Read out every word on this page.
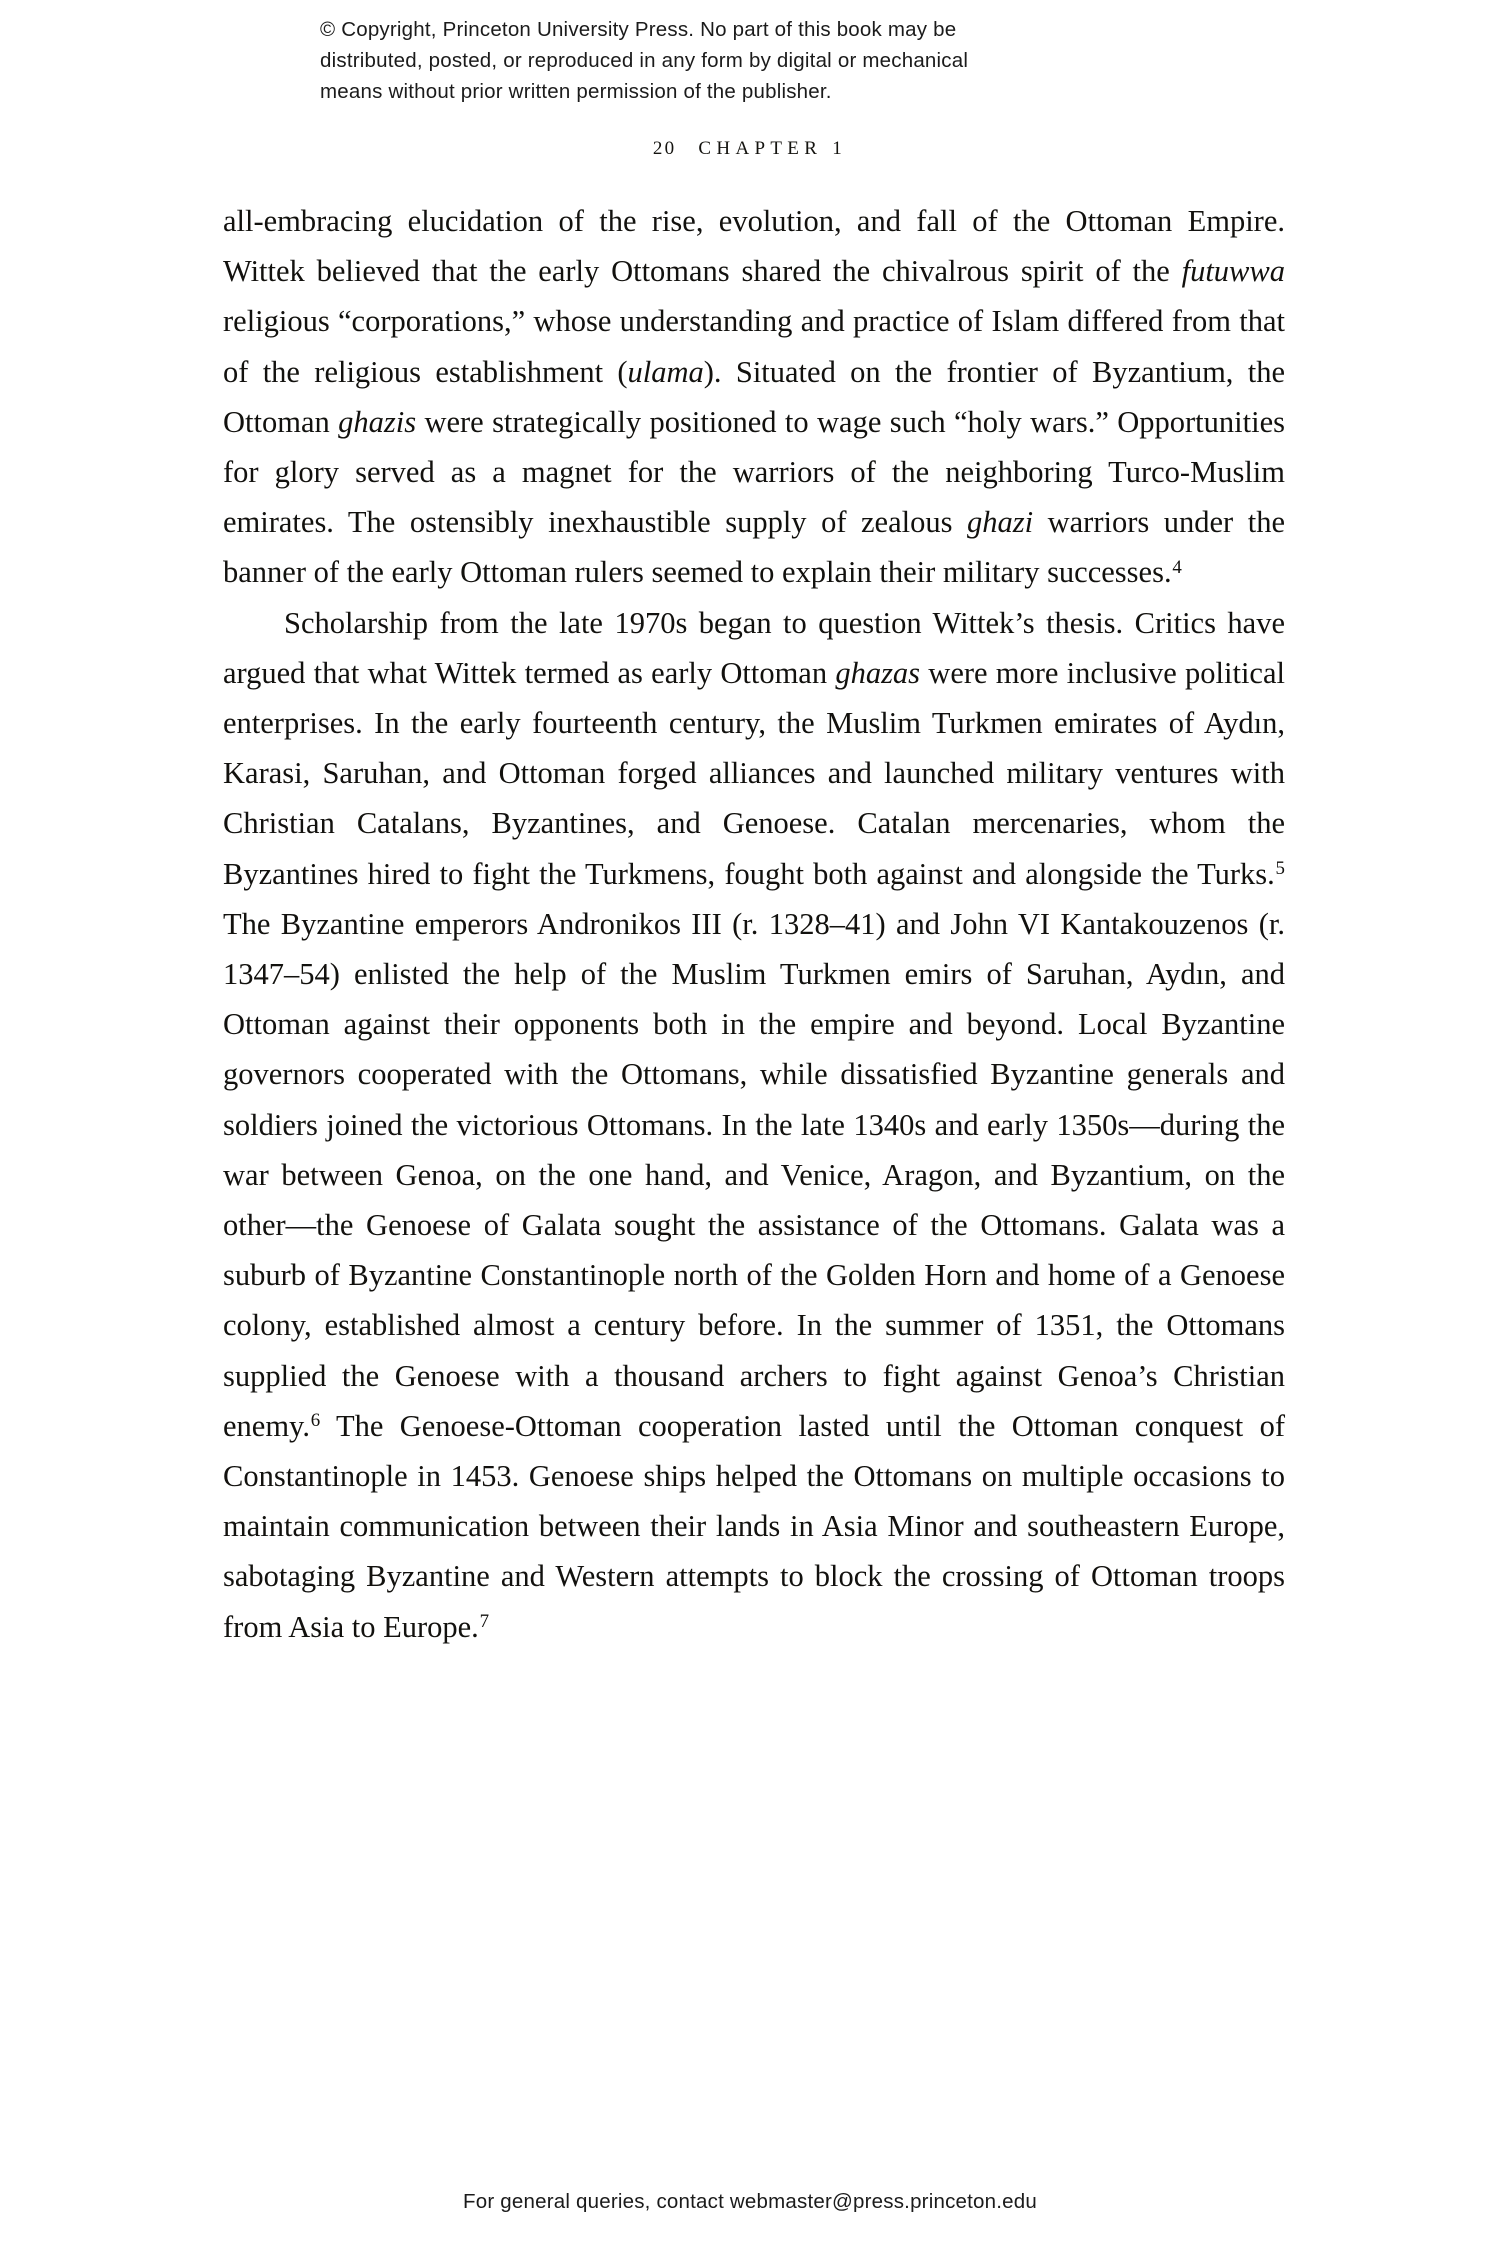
© Copyright, Princeton University Press. No part of this book may be
distributed, posted, or reproduced in any form by digital or mechanical
means without prior written permission of the publisher.
20 CHAPTER 1

all-embracing elucidation of the rise, evolution, and fall of the Ottoman Empire. Wittek believed that the early Ottomans shared the chivalrous spirit of the futuwwa religious “corporations,” whose understanding and practice of Islam differed from that of the religious establishment (ulama). Situated on the frontier of Byzantium, the Ottoman ghazis were strategically positioned to wage such “holy wars.” Opportunities for glory served as a magnet for the warriors of the neighboring Turco-Muslim emirates. The ostensibly inexhaustible supply of zealous ghazi warriors under the banner of the early Ottoman rulers seemed to explain their military successes.$^4$

Scholarship from the late 1970s began to question Wittek’s thesis. Critics have argued that what Wittek termed as early Ottoman ghazas were more inclusive political enterprises. In the early fourteenth century, the Muslim Turkmen emirates of Aydın, Karasi, Saruhan, and Ottoman forged alliances and launched military ventures with Christian Catalans, Byzantines, and Genoese. Catalan mercenaries, whom the Byzantines hired to fight the Turkmens, fought both against and alongside the Turks.$^5$ The Byzantine emperors Andronikos III (r. 1328–41) and John VI Kantakouzenos (r. 1347–54) enlisted the help of the Muslim Turkmen emirs of Saruhan, Aydın, and Ottoman against their opponents both in the empire and beyond. Local Byzantine governors cooperated with the Ottomans, while dissatisfied Byzantine generals and soldiers joined the victorious Ottomans. In the late 1340s and early 1350s—during the war between Genoa, on the one hand, and Venice, Aragon, and Byzantium, on the other—the Genoese of Galata sought the assistance of the Ottomans. Galata was a suburb of Byzantine Constantinople north of the Golden Horn and home of a Genoese colony, established almost a century before. In the summer of 1351, the Ottomans supplied the Genoese with a thousand archers to fight against Genoa’s Christian enemy.$^6$ The Genoese-Ottoman cooperation lasted until the Ottoman conquest of Constantinople in 1453. Genoese ships helped the Ottomans on multiple occasions to maintain communication between their lands in Asia Minor and southeastern Europe, sabotaging Byzantine and Western attempts to block the crossing of Ottoman troops from Asia to Europe.$^7$

For general queries, contact webmaster@press.princeton.edu
